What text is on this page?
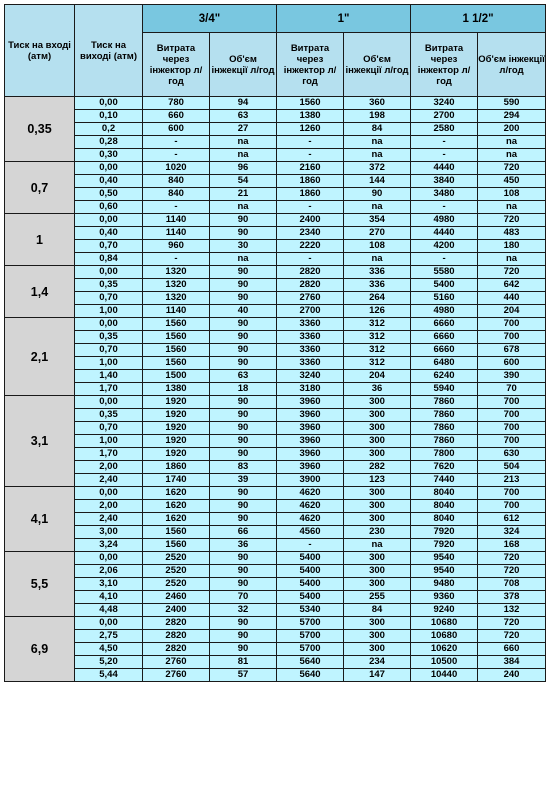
Тиск на вході (атм)	Тиск на виході (атм)	3/4"		1"		1 1/2"	
		Витрата через інжектор л/год	Об'єм інжекції л/год	Витрата через інжектор л/год	Об'єм інжекції л/год	Витрата через інжектор л/год	Об'єм інжекції л/год
0,35	0,00	780	94	1560	360	3240	590
	0,10	660	63	1380	198	2700	294
	0,2	600	27	1260	84	2580	200
	0,28	-	na	-	na	-	na
	0,30	-	na	-	na	-	na
0,7	0,00	1020	96	2160	372	4440	720
	0,40	840	54	1860	144	3840	450
	0,50	840	21	1860	90	3480	108
	0,60	-	na	-	na	-	na
1	0,00	1140	90	2400	354	4980	720
	0,40	1140	90	2340	270	4440	483
	0,70	960	30	2220	108	4200	180
	0,84	-	na	-	na	-	na
1,4	0,00	1320	90	2820	336	5580	720
	0,35	1320	90	2820	336	5400	642
	0,70	1320	90	2760	264	5160	440
	1,00	1140	40	2700	126	4980	204
2,1	0,00	1560	90	3360	312	6660	700
	0,35	1560	90	3360	312	6660	700
	0,70	1560	90	3360	312	6660	678
	1,00	1560	90	3360	312	6480	600
	1,40	1500	63	3240	204	6240	390
	1,70	1380	18	3180	36	5940	70
3,1	0,00	1920	90	3960	300	7860	700
	0,35	1920	90	3960	300	7860	700
	0,70	1920	90	3960	300	7860	700
	1,00	1920	90	3960	300	7860	700
	1,70	1920	90	3960	300	7800	630
	2,00	1860	83	3960	282	7620	504
	2,40	1740	39	3900	123	7440	213
4,1	0,00	1620	90	4620	300	8040	700
	2,00	1620	90	4620	300	8040	700
	2,40	1620	90	4620	300	8040	612
	3,00	1560	66	4560	230	7920	324
	3,24	1560	36	-	na	7920	168
5,5	0,00	2520	90	5400	300	9540	720
	2,06	2520	90	5400	300	9540	720
	3,10	2520	90	5400	300	9480	708
	4,10	2460	70	5400	255	9360	378
	4,48	2400	32	5340	84	9240	132
6,9	0,00	2820	90	5700	300	10680	720
	2,75	2820	90	5700	300	10680	720
	4,50	2820	90	5700	300	10620	660
	5,20	2760	81	5640	234	10500	384
	5,44	2760	57	5640	147	10440	240
